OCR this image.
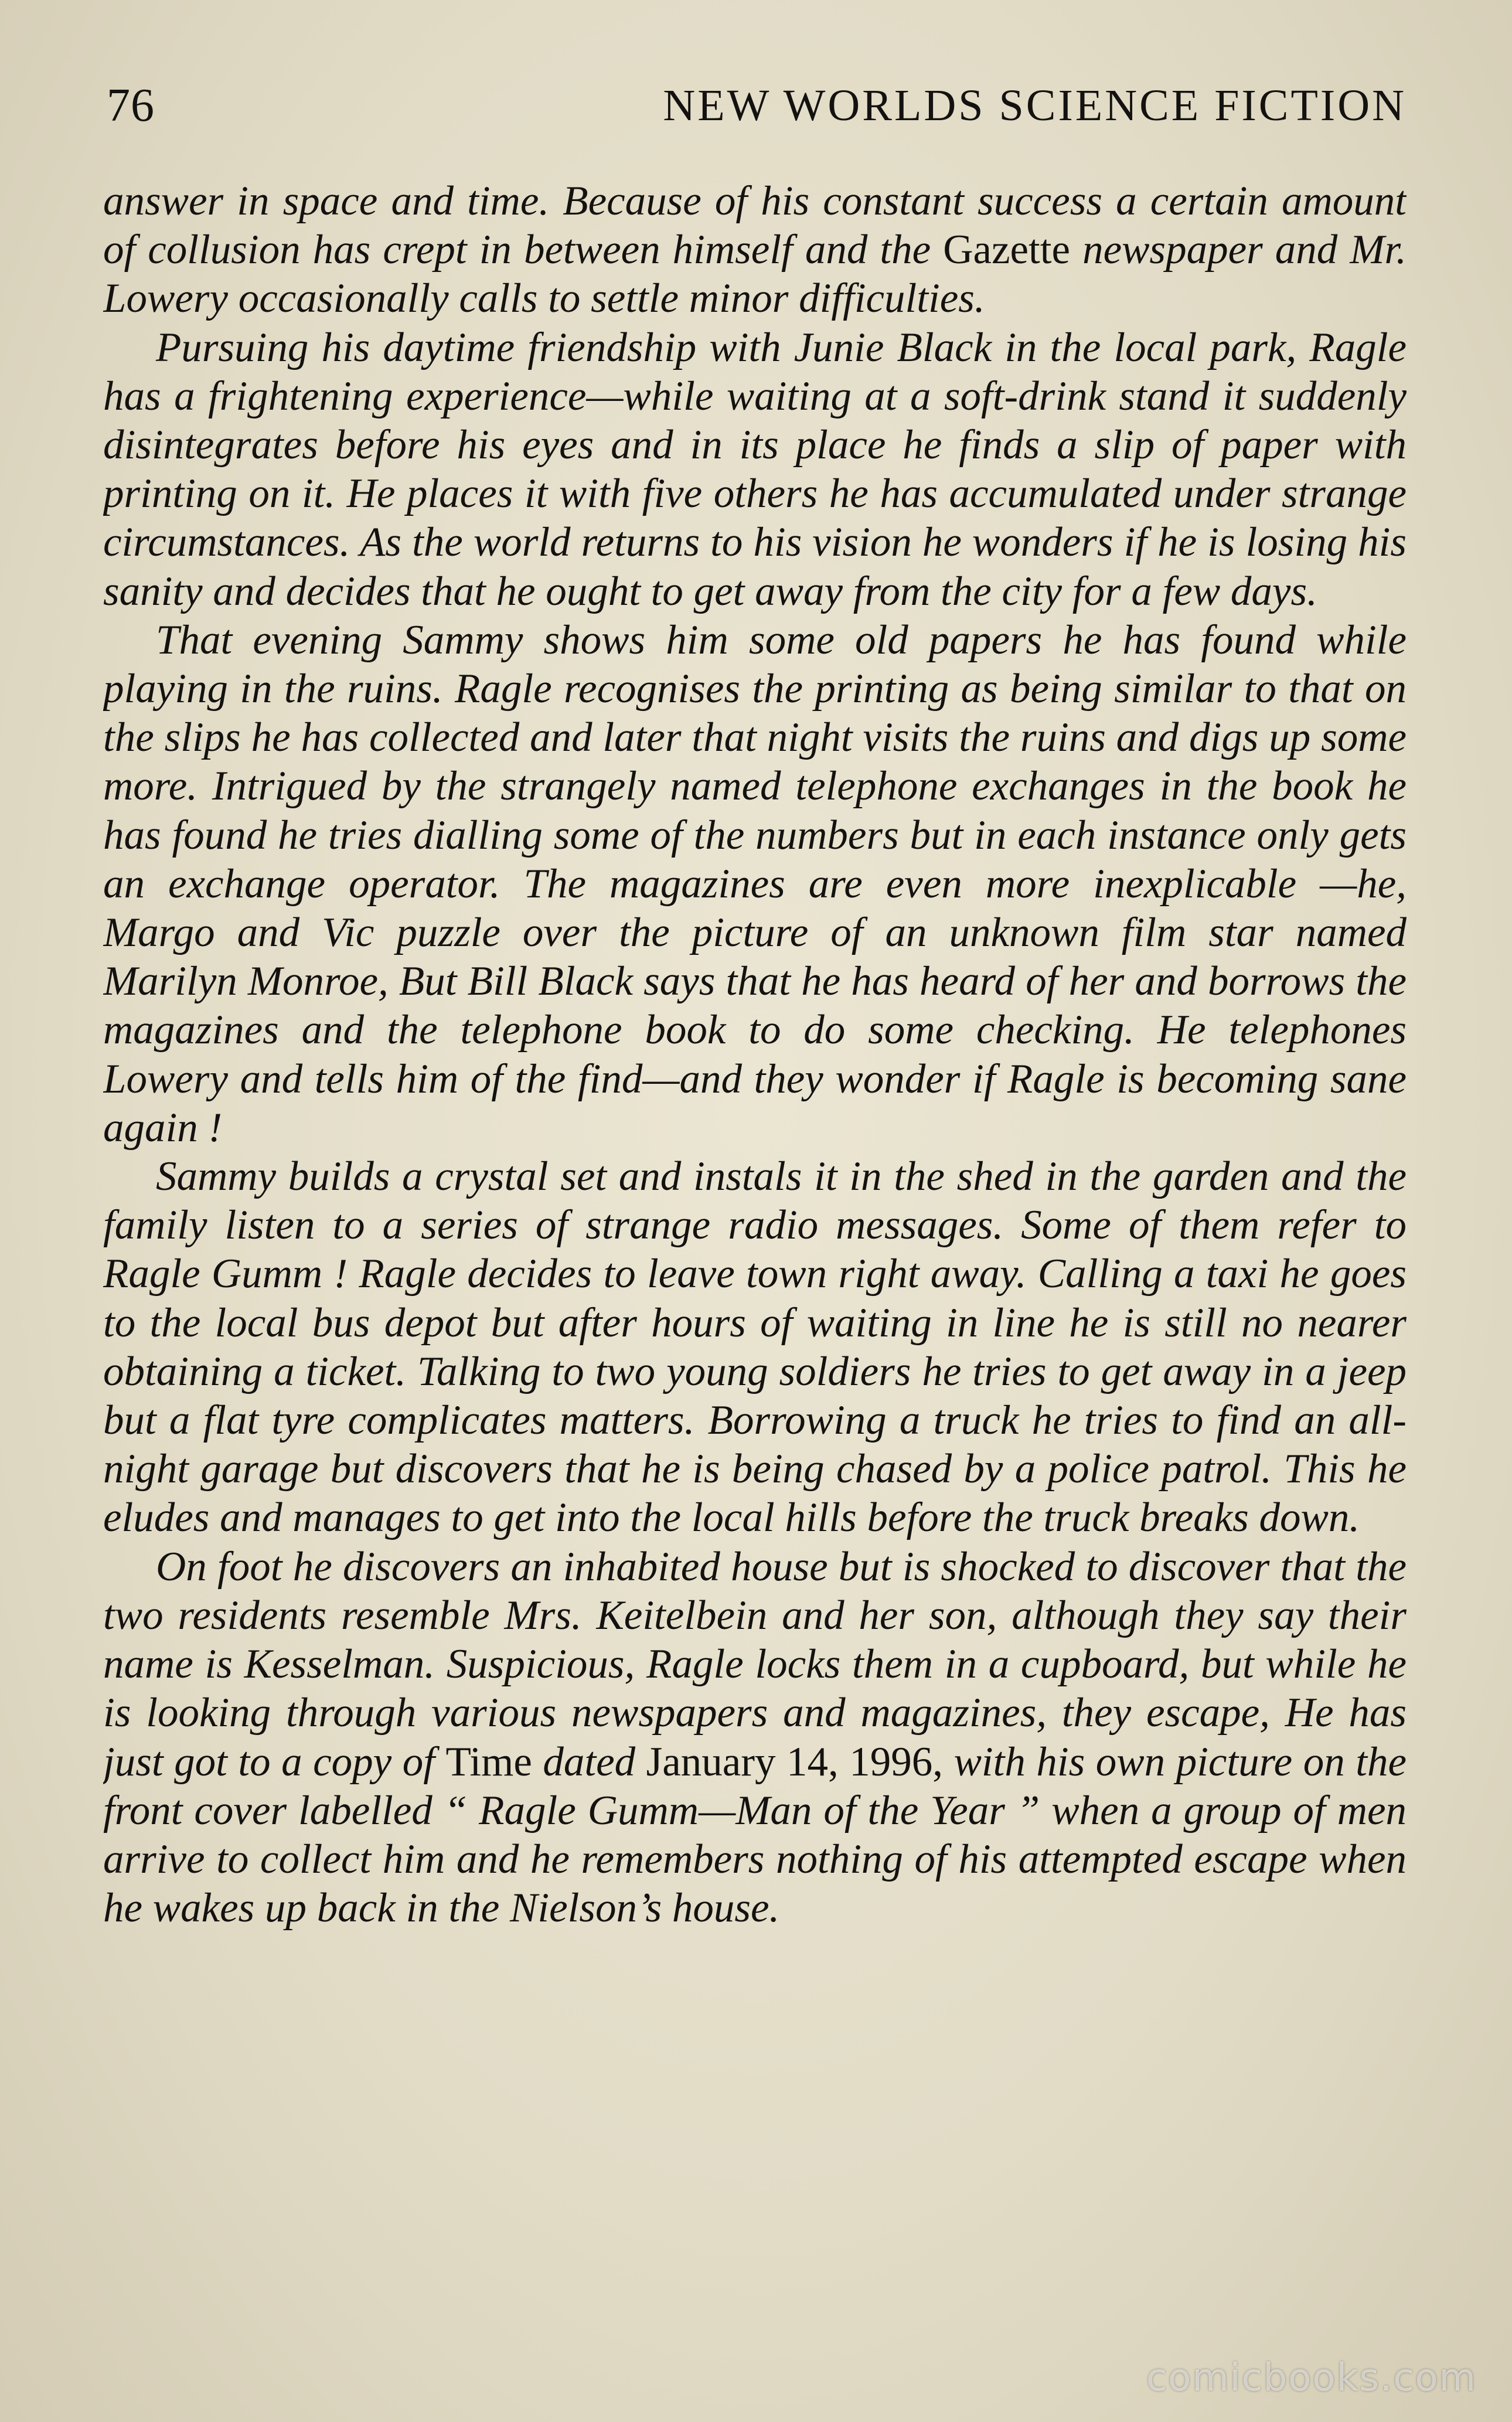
76	NEW WORLDS SCIENCE FICTION

answer in space and time. Because of his constant success a certain amount of collusion has crept in between himself and the Gazette newspaper and Mr. Lowery occasionally calls to settle minor difficulties.

Pursuing his daytime friendship with Junie Black in the local park, Ragle has a frightening experience—while waiting at a soft-drink stand it suddenly disintegrates before his eyes and in its place he finds a slip of paper with printing on it. He places it with five others he has accumulated under strange circumstances. As the world returns to his vision he wonders if he is losing his sanity and decides that he ought to get away from the city for a few days.

That evening Sammy shows him some old papers he has found while playing in the ruins. Ragle recognises the printing as being similar to that on the slips he has collected and later that night visits the ruins and digs up some more. Intrigued by the strangely named telephone exchanges in the book he has found he tries dialling some of the numbers but in each instance only gets an exchange operator. The magazines are even more inexplicable —he, Margo and Vic puzzle over the picture of an unknown film star named Marilyn Monroe, But Bill Black says that he has heard of her and borrows the magazines and the telephone book to do some checking. He telephones Lowery and tells him of the find—and they wonder if Ragle is becoming sane again !

Sammy builds a crystal set and instals it in the shed in the garden and the family listen to a series of strange radio messages. Some of them refer to Ragle Gumm ! Ragle decides to leave town right away. Calling a taxi he goes to the local bus depot but after hours of waiting in line he is still no nearer obtaining a ticket. Talking to two young soldiers he tries to get away in a jeep but a flat tyre complicates matters. Borrowing a truck he tries to find an all-night garage but discovers that he is being chased by a police patrol. This he eludes and manages to get into the local hills before the truck breaks down.

On foot he discovers an inhabited house but is shocked to discover that the two residents resemble Mrs. Keitelbein and her son, although they say their name is Kesselman. Suspicious, Ragle locks them in a cupboard, but while he is looking through various newspapers and magazines, they escape, He has just got to a copy of Time dated January 14, 1996, with his own picture on the front cover labelled “ Ragle Gumm—Man of the Year ” when a group of men arrive to collect him and he remembers nothing of his attempted escape when he wakes up back in the Nielson’s house.

comicbooks.com
